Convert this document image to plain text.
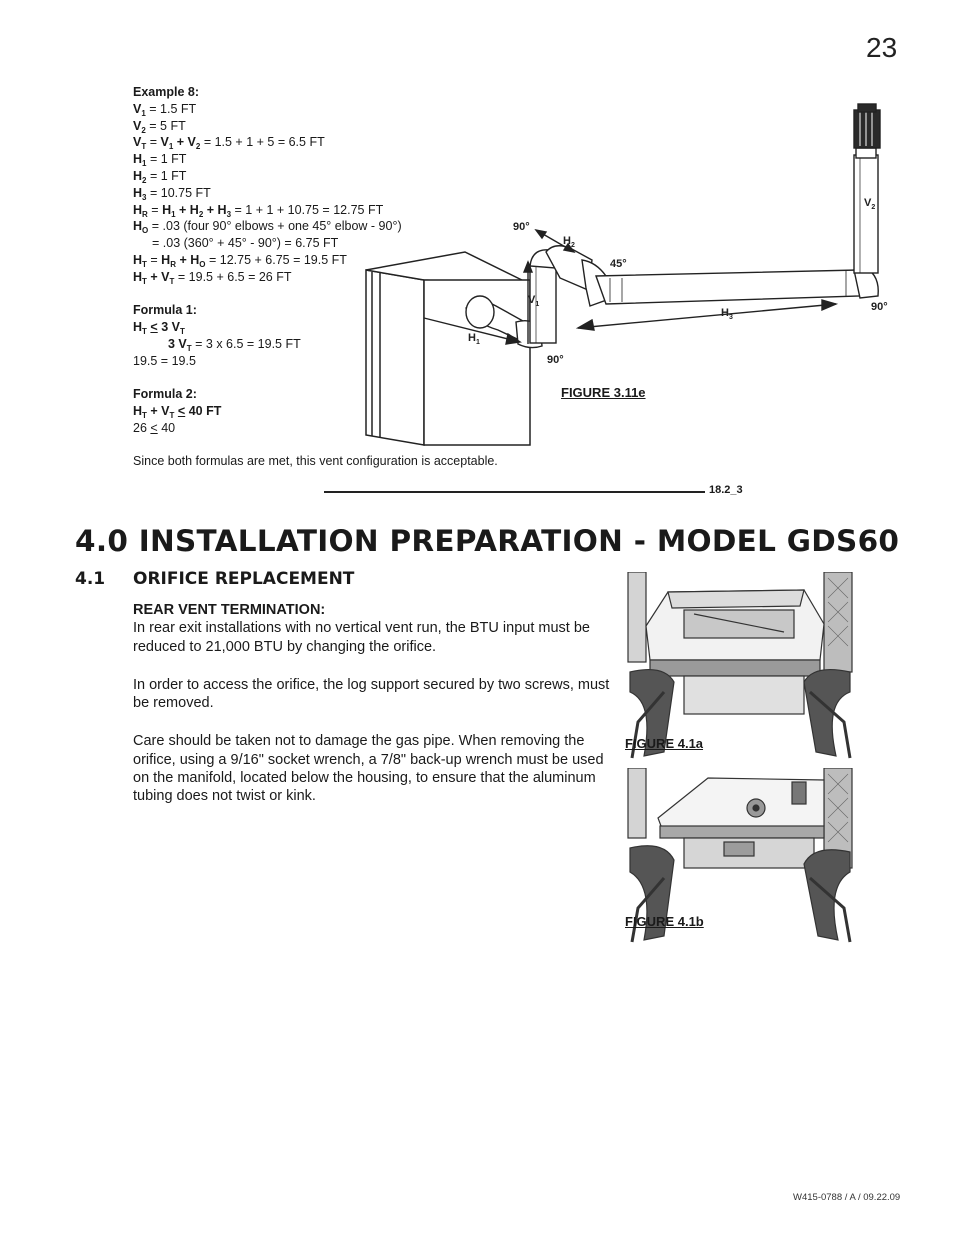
23
Example 8:
$V_1 = 1.5$ FT
$V_2 = 5$ FT
$V_T = V_1 + V_2 = 1.5 + 1 + 5 = 6.5$ FT
$H_1 = 1$ FT
$H_2 = 1$ FT
$H_3 = 10.75$ FT
$H_R = H_1 + H_2 + H_3 = 1 + 1 + 10.75 = 12.75$ FT
$H_O = .03$ (four 90° elbows + one 45° elbow - 90°)
= .03 (360° + 45° - 90°) = 6.75 FT
$H_T = H_R + H_O = 12.75 + 6.75 = 19.5$ FT
$H_T + V_T = 19.5 + 6.5 = 26$ FT
Formula 1:
$H_T < 3$ $V_T$
3 $V_T = 3$ x 6.5 = 19.5 FT
19.5 = 19.5
Formula 2:
$H_T + V_T < 40$ FT
26 < 40
90°
$H_2$
45°
$V_1$
$H_1$
90°
$H_3$
$V_2$
90°
FIGURE 3.11e
Since both formulas are met, this vent configuration is acceptable.
18.2_3
4.0 INSTALLATION PREPARATION - MODEL GDS60
4.1 ORIFICE REPLACEMENT

REAR VENT TERMINATION:

In rear exit installations with no vertical vent run, the BTU input must be reduced to 21,000 BTU by changing the orifice.

In order to access the orifice, the log support secured by two screws, must be removed.

Care should be taken not to damage the gas pipe. When removing the orifice, using a 9/16" socket wrench, a 7/8" back-up wrench must be used on the manifold, located below the housing, to ensure that the aluminum tubing does not twist or kink.

FIGURE 4.1a
FIGURE 4.1b
W415-0788 / A / 09.22.09
